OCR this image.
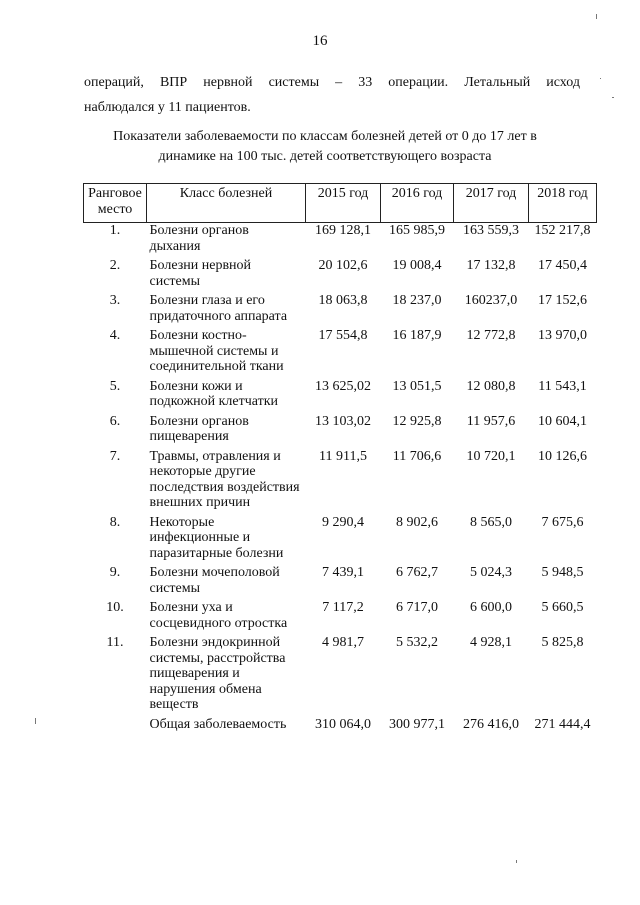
16
операций, ВПР нервной системы – 33 операции. Летальный исход
наблюдался у 11 пациентов.
Показатели заболеваемости по классам болезней детей от 0 до 17 лет в
динамике на 100 тыс. детей соответствующего возраста
Ранговое место	Класс болезней	2015 год	2016 год	2017 год	2018 год
1.	Болезни органов дыхания	169 128,1	165 985,9	163 559,3	152 217,8
2.	Болезни нервной системы	20 102,6	19 008,4	17 132,8	17 450,4
3.	Болезни глаза и его придаточного аппарата	18 063,8	18 237,0	160237,0	17 152,6
4.	Болезни костно-мышечной системы и соединительной ткани	17 554,8	16 187,9	12 772,8	13 970,0
5.	Болезни кожи и подкожной клетчатки	13 625,02	13 051,5	12 080,8	11 543,1
6.	Болезни органов пищеварения	13 103,02	12 925,8	11 957,6	10 604,1
7.	Травмы, отравления и некоторые другие последствия воздействия внешних причин	11 911,5	11 706,6	10 720,1	10 126,6
8.	Некоторые инфекционные и паразитарные болезни	9 290,4	8 902,6	8 565,0	7 675,6
9.	Болезни мочеполовой системы	7 439,1	6 762,7	5 024,3	5 948,5
10.	Болезни уха и сосцевидного отростка	7 117,2	6 717,0	6 600,0	5 660,5
11.	Болезни эндокринной системы, расстройства пищеварения и нарушения обмена веществ	4 981,7	5 532,2	4 928,1	5 825,8
	Общая заболеваемость	310 064,0	300 977,1	276 416,0	271 444,4
